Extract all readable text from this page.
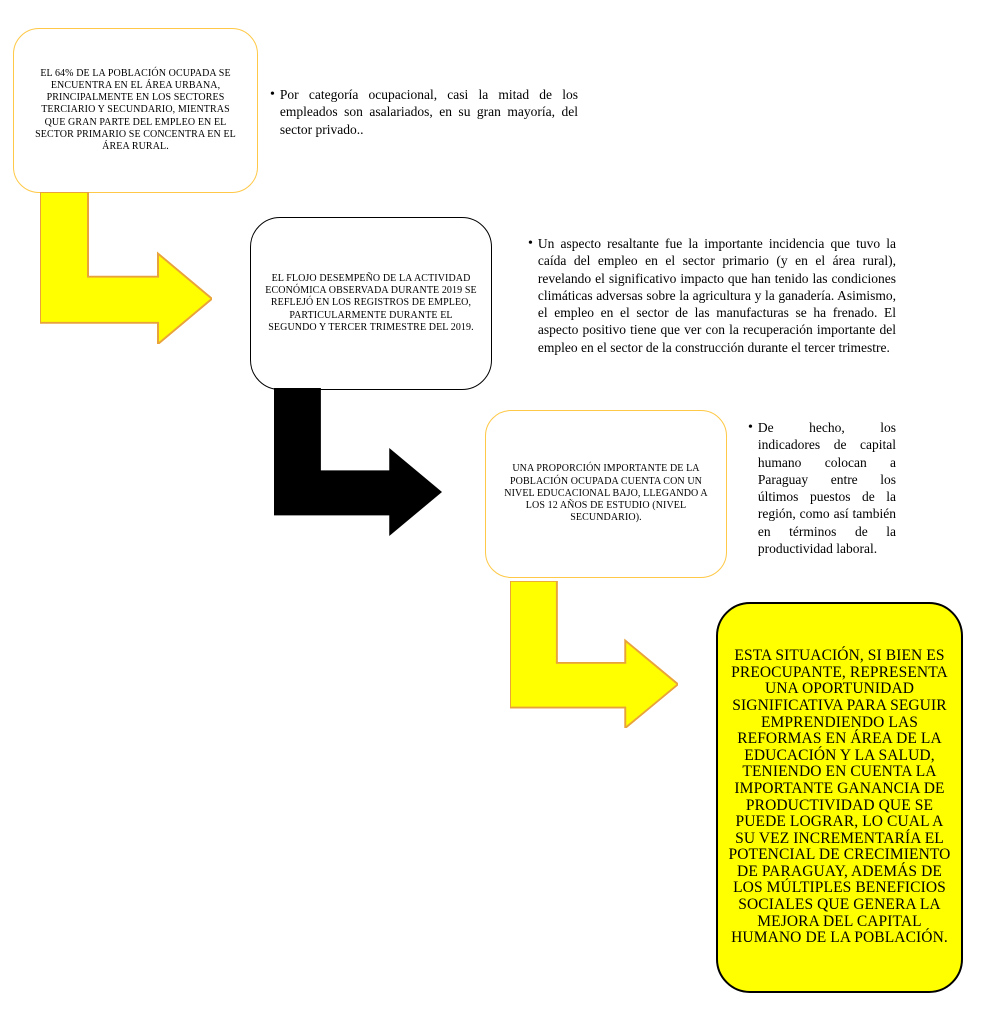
EL 64% DE LA POBLACIÓN OCUPADA SE ENCUENTRA EN EL ÁREA URBANA, PRINCIPALMENTE EN LOS SECTORES TERCIARIO Y SECUNDARIO, MIENTRAS QUE GRAN PARTE DEL EMPLEO EN EL SECTOR PRIMARIO SE CONCENTRA EN EL ÁREA RURAL.

• Por categoría ocupacional, casi la mitad de los empleados son asalariados, en su gran mayoría, del sector privado..

EL FLOJO DESEMPEÑO DE LA ACTIVIDAD ECONÓMICA OBSERVADA DURANTE 2019 SE REFLEJÓ EN LOS REGISTROS DE EMPLEO, PARTICULARMENTE DURANTE EL SEGUNDO Y TERCER TRIMESTRE DEL 2019.

• Un aspecto resaltante fue la importante incidencia que tuvo la caída del empleo en el sector primario (y en el área rural), revelando el significativo impacto que han tenido las condiciones climáticas adversas sobre la agricultura y la ganadería. Asimismo, el empleo en el sector de las manufacturas se ha frenado. El aspecto positivo tiene que ver con la recuperación importante del empleo en el sector de la construcción durante el tercer trimestre.

UNA PROPORCIÓN IMPORTANTE DE LA POBLACIÓN OCUPADA CUENTA CON UN NIVEL EDUCACIONAL BAJO, LLEGANDO A LOS 12 AÑOS DE ESTUDIO (NIVEL SECUNDARIO).

• De hecho, los indicadores de capital humano colocan a Paraguay entre los últimos puestos de la región, como así también en términos de la productividad laboral.

ESTA SITUACIÓN, SI BIEN ES PREOCUPANTE, REPRESENTA UNA OPORTUNIDAD SIGNIFICATIVA PARA SEGUIR EMPRENDIENDO LAS REFORMAS EN ÁREA DE LA EDUCACIÓN Y LA SALUD, TENIENDO EN CUENTA LA IMPORTANTE GANANCIA DE PRODUCTIVIDAD QUE SE PUEDE LOGRAR, LO CUAL A SU VEZ INCREMENTARÍA EL POTENCIAL DE CRECIMIENTO DE PARAGUAY, ADEMÁS DE LOS MÚLTIPLES BENEFICIOS SOCIALES QUE GENERA LA MEJORA DEL CAPITAL HUMANO DE LA POBLACIÓN.
